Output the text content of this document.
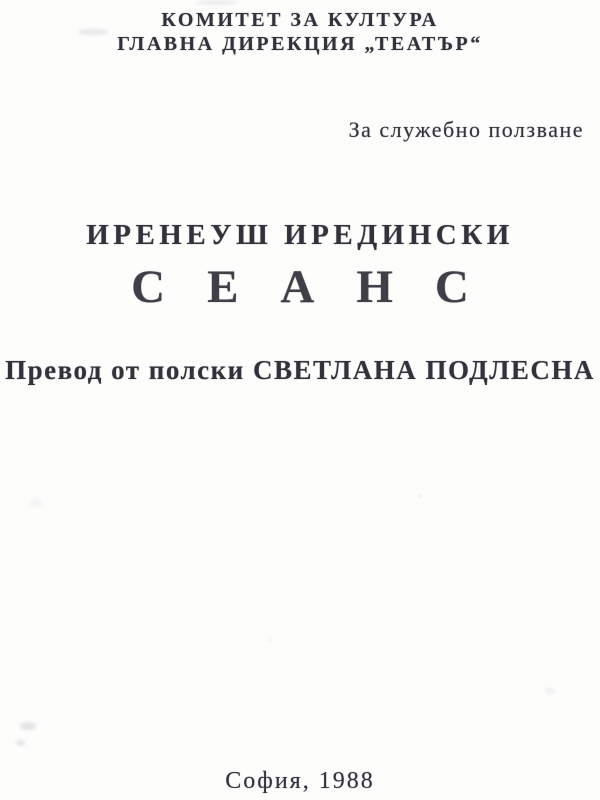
КОМИТЕТ ЗА КУЛТУРА
ГЛАВНА ДИРЕКЦИЯ „ТЕАТЪР“
За служебно ползване
ИРЕНЕУШ ИРЕДИНСКИ
СЕАНС
Превод от полски СВЕТЛАНА ПОДЛЕСНА
София, 1988
